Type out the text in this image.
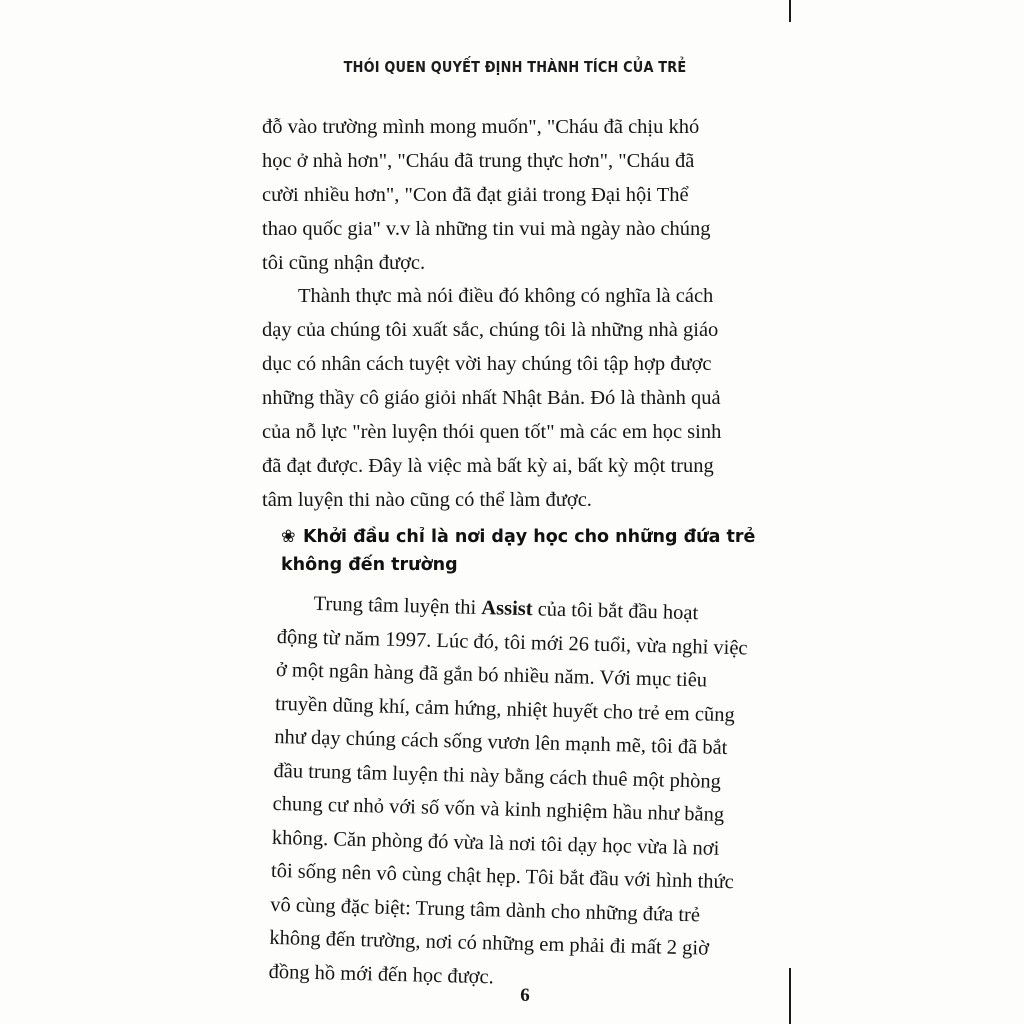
THÓI QUEN QUYẾT ĐỊNH THÀNH TÍCH CỦA TRẺ
đỗ vào trường mình mong muốn", "Cháu đã chịu khó
học ở nhà hơn", "Cháu đã trung thực hơn", "Cháu đã
cười nhiều hơn", "Con đã đạt giải trong Đại hội Thể
thao quốc gia" v.v là những tin vui mà ngày nào chúng
tôi cũng nhận được.
Thành thực mà nói điều đó không có nghĩa là cách
dạy của chúng tôi xuất sắc, chúng tôi là những nhà giáo
dục có nhân cách tuyệt vời hay chúng tôi tập hợp được
những thầy cô giáo giỏi nhất Nhật Bản. Đó là thành quả
của nỗ lực "rèn luyện thói quen tốt" mà các em học sinh
đã đạt được. Đây là việc mà bất kỳ ai, bất kỳ một trung
tâm luyện thi nào cũng có thể làm được.
❀ Khởi đầu chỉ là nơi dạy học cho những đứa trẻ
không đến trường
Trung tâm luyện thi Assist của tôi bắt đầu hoạt
động từ năm 1997. Lúc đó, tôi mới 26 tuổi, vừa nghỉ việc
ở một ngân hàng đã gắn bó nhiều năm. Với mục tiêu
truyền dũng khí, cảm hứng, nhiệt huyết cho trẻ em cũng
như dạy chúng cách sống vươn lên mạnh mẽ, tôi đã bắt
đầu trung tâm luyện thi này bằng cách thuê một phòng
chung cư nhỏ với số vốn và kinh nghiệm hầu như bằng
không. Căn phòng đó vừa là nơi tôi dạy học vừa là nơi
tôi sống nên vô cùng chật hẹp. Tôi bắt đầu với hình thức
vô cùng đặc biệt: Trung tâm dành cho những đứa trẻ
không đến trường, nơi có những em phải đi mất 2 giờ
đồng hồ mới đến học được.
6
